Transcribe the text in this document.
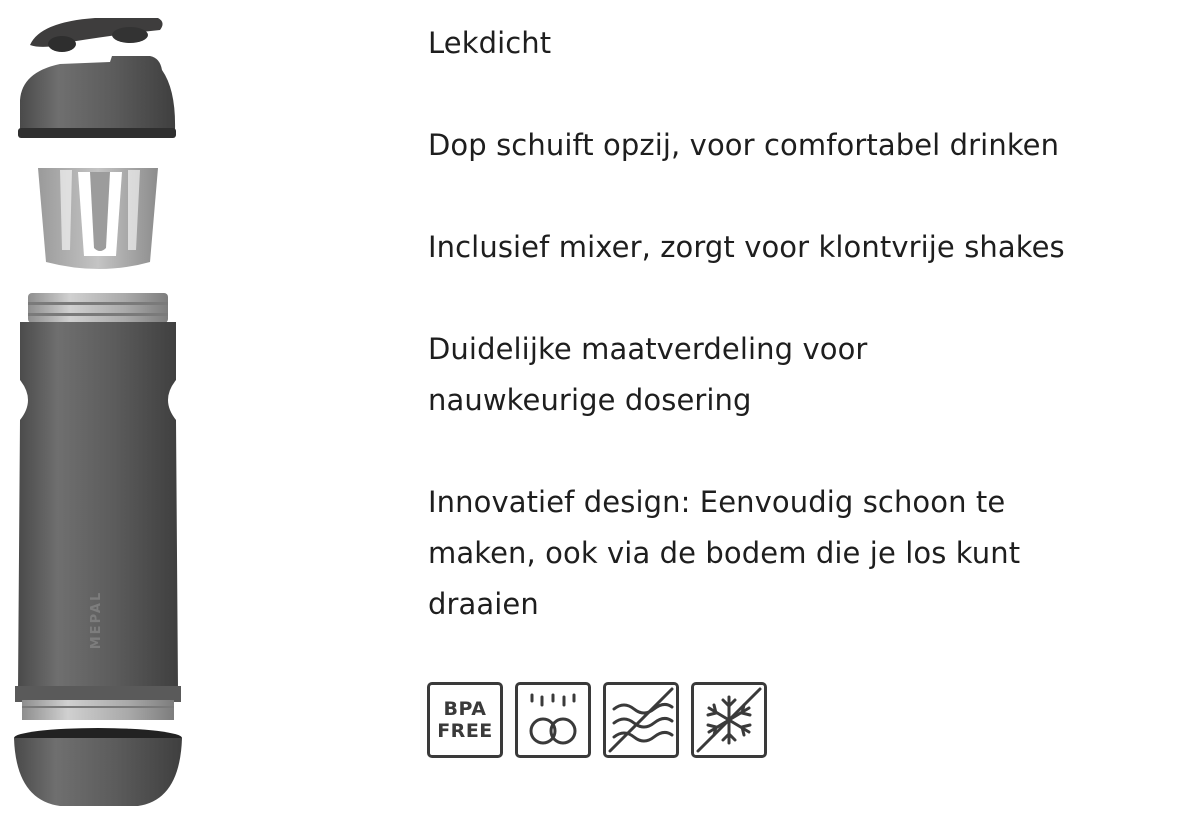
MEPAL
Lekdicht
Dop schuift opzij, voor comfortabel drinken
Inclusief mixer, zorgt voor klontvrije shakes
Duidelijke maatverdeling voor
nauwkeurige dosering
Innovatief design: Eenvoudig schoon te
maken, ook via de bodem die je los kunt
draaien
BPA
FREE
